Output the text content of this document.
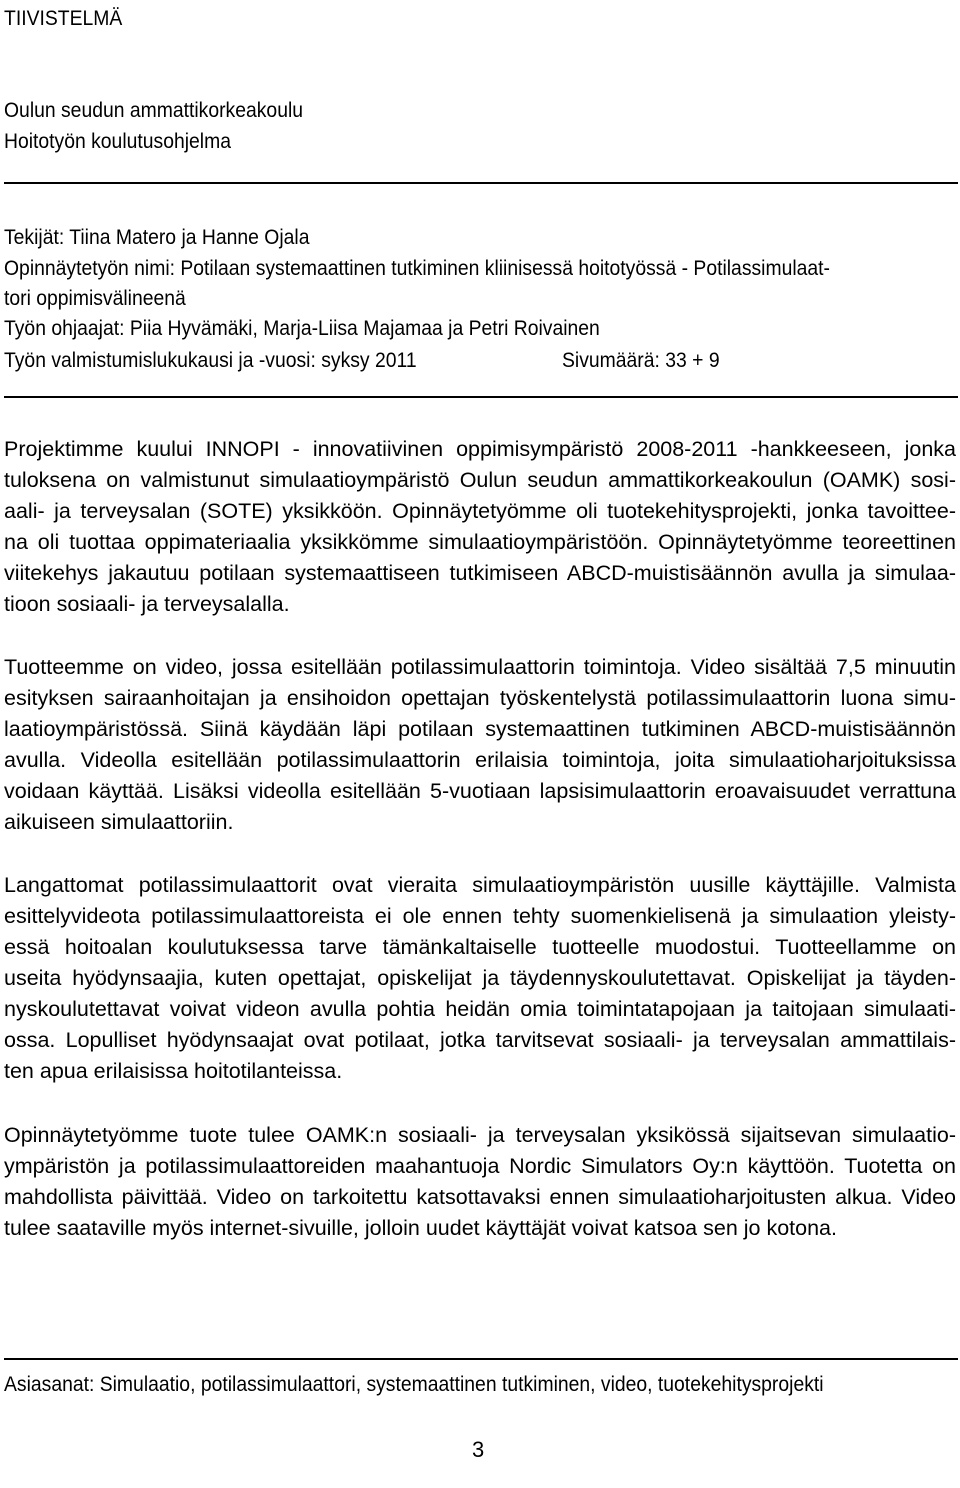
TIIVISTELMÄ
Oulun seudun ammattikorkeakoulu
Hoitotyön koulutusohjelma
Tekijät: Tiina Matero ja Hanne Ojala
Opinnäytetyön nimi: Potilaan systemaattinen tutkiminen kliinisessä hoitotyössä - Potilassimulaat-
tori oppimisvälineenä
Työn ohjaajat: Piia Hyvämäki, Marja-Liisa Majamaa ja Petri Roivainen
Työn valmistumislukukausi ja -vuosi: syksy 2011	Sivumäärä: 33 + 9
Projektimme kuului INNOPI - innovatiivinen oppimisympäristö 2008-2011 -hankkeeseen, jonka
tuloksena on valmistunut simulaatioympäristö Oulun seudun ammattikorkeakoulun (OAMK) sosi-
aali- ja terveysalan (SOTE) yksikköön. Opinnäytetyömme oli tuotekehitysprojekti, jonka tavoittee-
na oli tuottaa oppimateriaalia yksikkömme simulaatioympäristöön. Opinnäytetyömme teoreettinen
viitekehys jakautuu potilaan systemaattiseen tutkimiseen ABCD-muistisäännön avulla ja simulaa-
tioon sosiaali- ja terveysalalla.
Tuotteemme on video, jossa esitellään potilassimulaattorin toimintoja. Video sisältää 7,5 minuutin
esityksen sairaanhoitajan ja ensihoidon opettajan työskentelystä potilassimulaattorin luona simu-
laatioympäristössä. Siinä käydään läpi potilaan systemaattinen tutkiminen ABCD-muistisäännön
avulla. Videolla esitellään potilassimulaattorin erilaisia toimintoja, joita simulaatioharjoituksissa
voidaan käyttää. Lisäksi videolla esitellään 5-vuotiaan lapsisimulaattorin eroavaisuudet verrattuna
aikuiseen simulaattoriin.
Langattomat potilassimulaattorit ovat vieraita simulaatioympäristön uusille käyttäjille. Valmista
esittelyvideota potilassimulaattoreista ei ole ennen tehty suomenkielisenä ja simulaation yleisty-
essä hoitoalan koulutuksessa tarve tämänkaltaiselle tuotteelle muodostui. Tuotteellamme on
useita hyödynsaajia, kuten opettajat, opiskelijat ja täydennyskoulutettavat. Opiskelijat ja täyden-
nyskoulutettavat voivat videon avulla pohtia heidän omia toimintatapojaan ja taitojaan simulaati-
ossa. Lopulliset hyödynsaajat ovat potilaat, jotka tarvitsevat sosiaali- ja terveysalan ammattilais-
ten apua erilaisissa hoitotilanteissa.
Opinnäytetyömme tuote tulee OAMK:n sosiaali- ja terveysalan yksikössä sijaitsevan simulaatio-
ympäristön ja potilassimulaattoreiden maahantuoja Nordic Simulators Oy:n käyttöön. Tuotetta on
mahdollista päivittää. Video on tarkoitettu katsottavaksi ennen simulaatioharjoitusten alkua. Video
tulee saataville myös internet-sivuille, jolloin uudet käyttäjät voivat katsoa sen jo kotona.
Asiasanat: Simulaatio, potilassimulaattori, systemaattinen tutkiminen, video, tuotekehitysprojekti
3
